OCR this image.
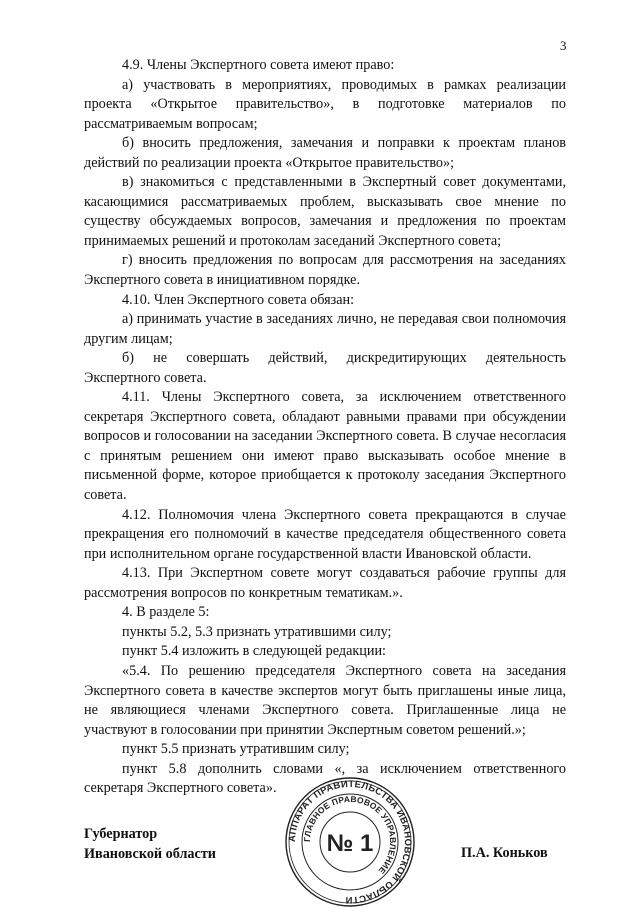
3

4.9. Члены Экспертного совета имеют право:

а) участвовать в мероприятиях, проводимых в рамках реализации проекта «Открытое правительство», в подготовке материалов по рассматриваемым вопросам;

б) вносить предложения, замечания и поправки к проектам планов действий по реализации проекта «Открытое правительство»;

в) знакомиться с представленными в Экспертный совет документами, касающимися рассматриваемых проблем, высказывать свое мнение по существу обсуждаемых вопросов, замечания и предложения по проектам принимаемых решений и протоколам заседаний Экспертного совета;

г) вносить предложения по вопросам для рассмотрения на заседаниях Экспертного совета в инициативном порядке.

4.10. Член Экспертного совета обязан:

а) принимать участие в заседаниях лично, не передавая свои полномочия другим лицам;

б) не совершать действий, дискредитирующих деятельность Экспертного совета.

4.11. Члены Экспертного совета, за исключением ответственного секретаря Экспертного совета, обладают равными правами при обсуждении вопросов и голосовании на заседании Экспертного совета. В случае несогласия с принятым решением они имеют право высказывать особое мнение в письменной форме, которое приобщается к протоколу заседания Экспертного совета.

4.12. Полномочия члена Экспертного совета прекращаются в случае прекращения его полномочий в качестве председателя общественного совета при исполнительном органе государственной власти Ивановской области.

4.13. При Экспертном совете могут создаваться рабочие группы для рассмотрения вопросов по конкретным тематикам.».

4. В разделе 5:

пункты 5.2, 5.3 признать утратившими силу;

пункт 5.4 изложить в следующей редакции:

«5.4. По решению председателя Экспертного совета на заседания Экспертного совета в качестве экспертов могут быть приглашены иные лица, не являющиеся членами Экспертного совета. Приглашенные лица не участвуют в голосовании при принятии Экспертным советом решений.»;

пункт 5.5 признать утратившим силу;

пункт 5.8 дополнить словами «, за исключением ответственного секретаря Экспертного совета».

Губернатор
Ивановской области
АППАРАТ ПРАВИТЕЛЬСТВА ИВАНОВСКОЙ ОБЛАСТИ
ГЛАВНОЕ ПРАВОВОЕ УПРАВЛЕНИЕ
№ 1	П.А. Коньков
